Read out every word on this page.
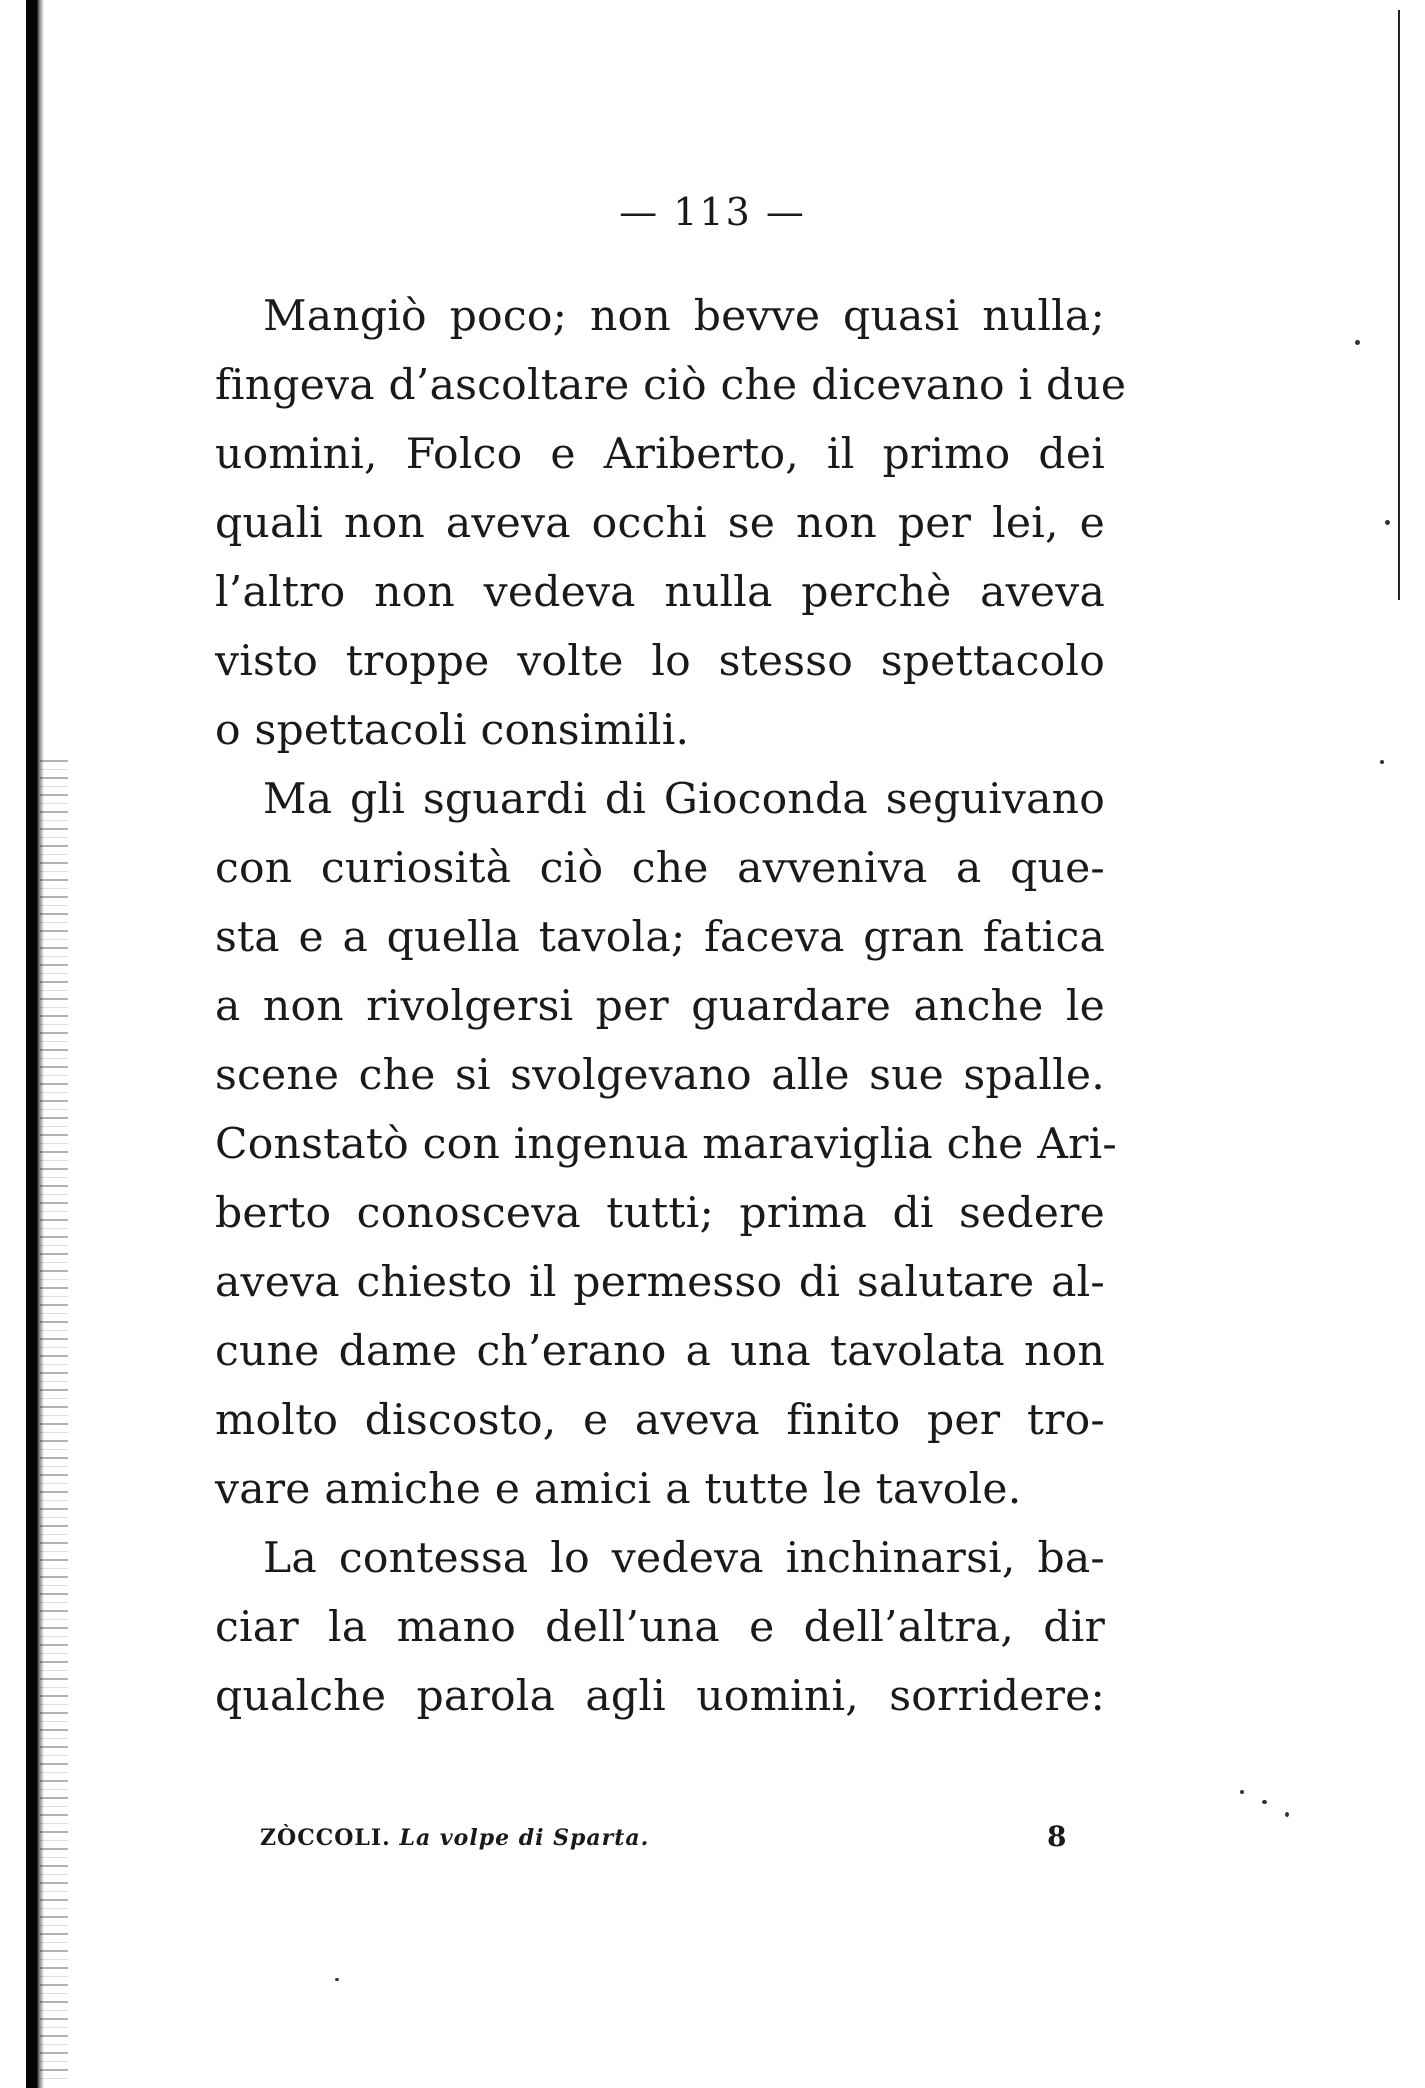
— 113 —

Mangiò poco; non bevve quasi nulla;
fingeva d’ascoltare ciò che dicevano i due
uomini, Folco e Ariberto, il primo dei
quali non aveva occhi se non per lei, e
l’altro non vedeva nulla perchè aveva
visto troppe volte lo stesso spettacolo
o spettacoli consimili.

Ma gli sguardi di Gioconda seguivano
con curiosità ciò che avveniva a que-
sta e a quella tavola; faceva gran fatica
a non rivolgersi per guardare anche le
scene che si svolgevano alle sue spalle.
Constatò con ingenua maraviglia che Ari-
berto conosceva tutti; prima di sedere
aveva chiesto il permesso di salutare al-
cune dame ch’erano a una tavolata non
molto discosto, e aveva finito per tro-
vare amiche e amici a tutte le tavole.

La contessa lo vedeva inchinarsi, ba-
ciar la mano dell’una e dell’altra, dir
qualche parola agli uomini, sorridere:

ZÒCCOLI. La volpe di Sparta.	8
